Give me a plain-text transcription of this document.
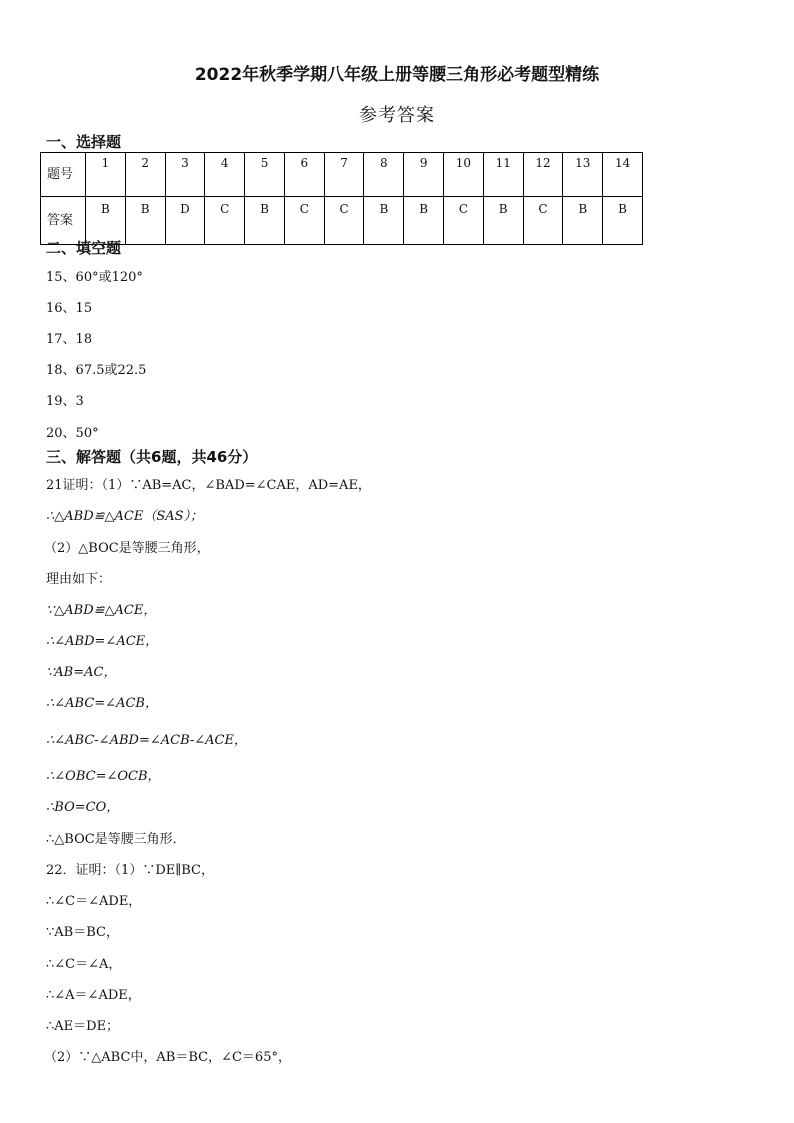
2022年秋季学期八年级上册等腰三角形必考题型精练
参考答案
一、选择题
题号	1	2	3	4	5	6	7	8	9	10	11	12	13	14
答案	B	B	D	C	B	C	C	B	B	C	B	C	B	B
二、填空题
15、60°或120°
16、15
17、18
18、67.5或22.5
19、3
20、50°
三、解答题（共6题，共46分）
21证明：（1）∵AB=AC，∠BAD=∠CAE，AD=AE，
∴△ABD≌△ACE（SAS）；
（2）△BOC是等腰三角形，
理由如下：
∵△ABD≌△ACE，
∴∠ABD=∠ACE，
∵AB=AC，
∴∠ABC=∠ACB，
∴∠ABC-∠ABD=∠ACB-∠ACE，
∴∠OBC=∠OCB，
∴BO=CO，
∴△BOC是等腰三角形．
22．证明：（1）∵DE∥BC，
∴∠C＝∠ADE，
∵AB＝BC，
∴∠C＝∠A，
∴∠A＝∠ADE，
∴AE＝DE；
（2）∵△ABC中，AB＝BC，∠C＝65°，
